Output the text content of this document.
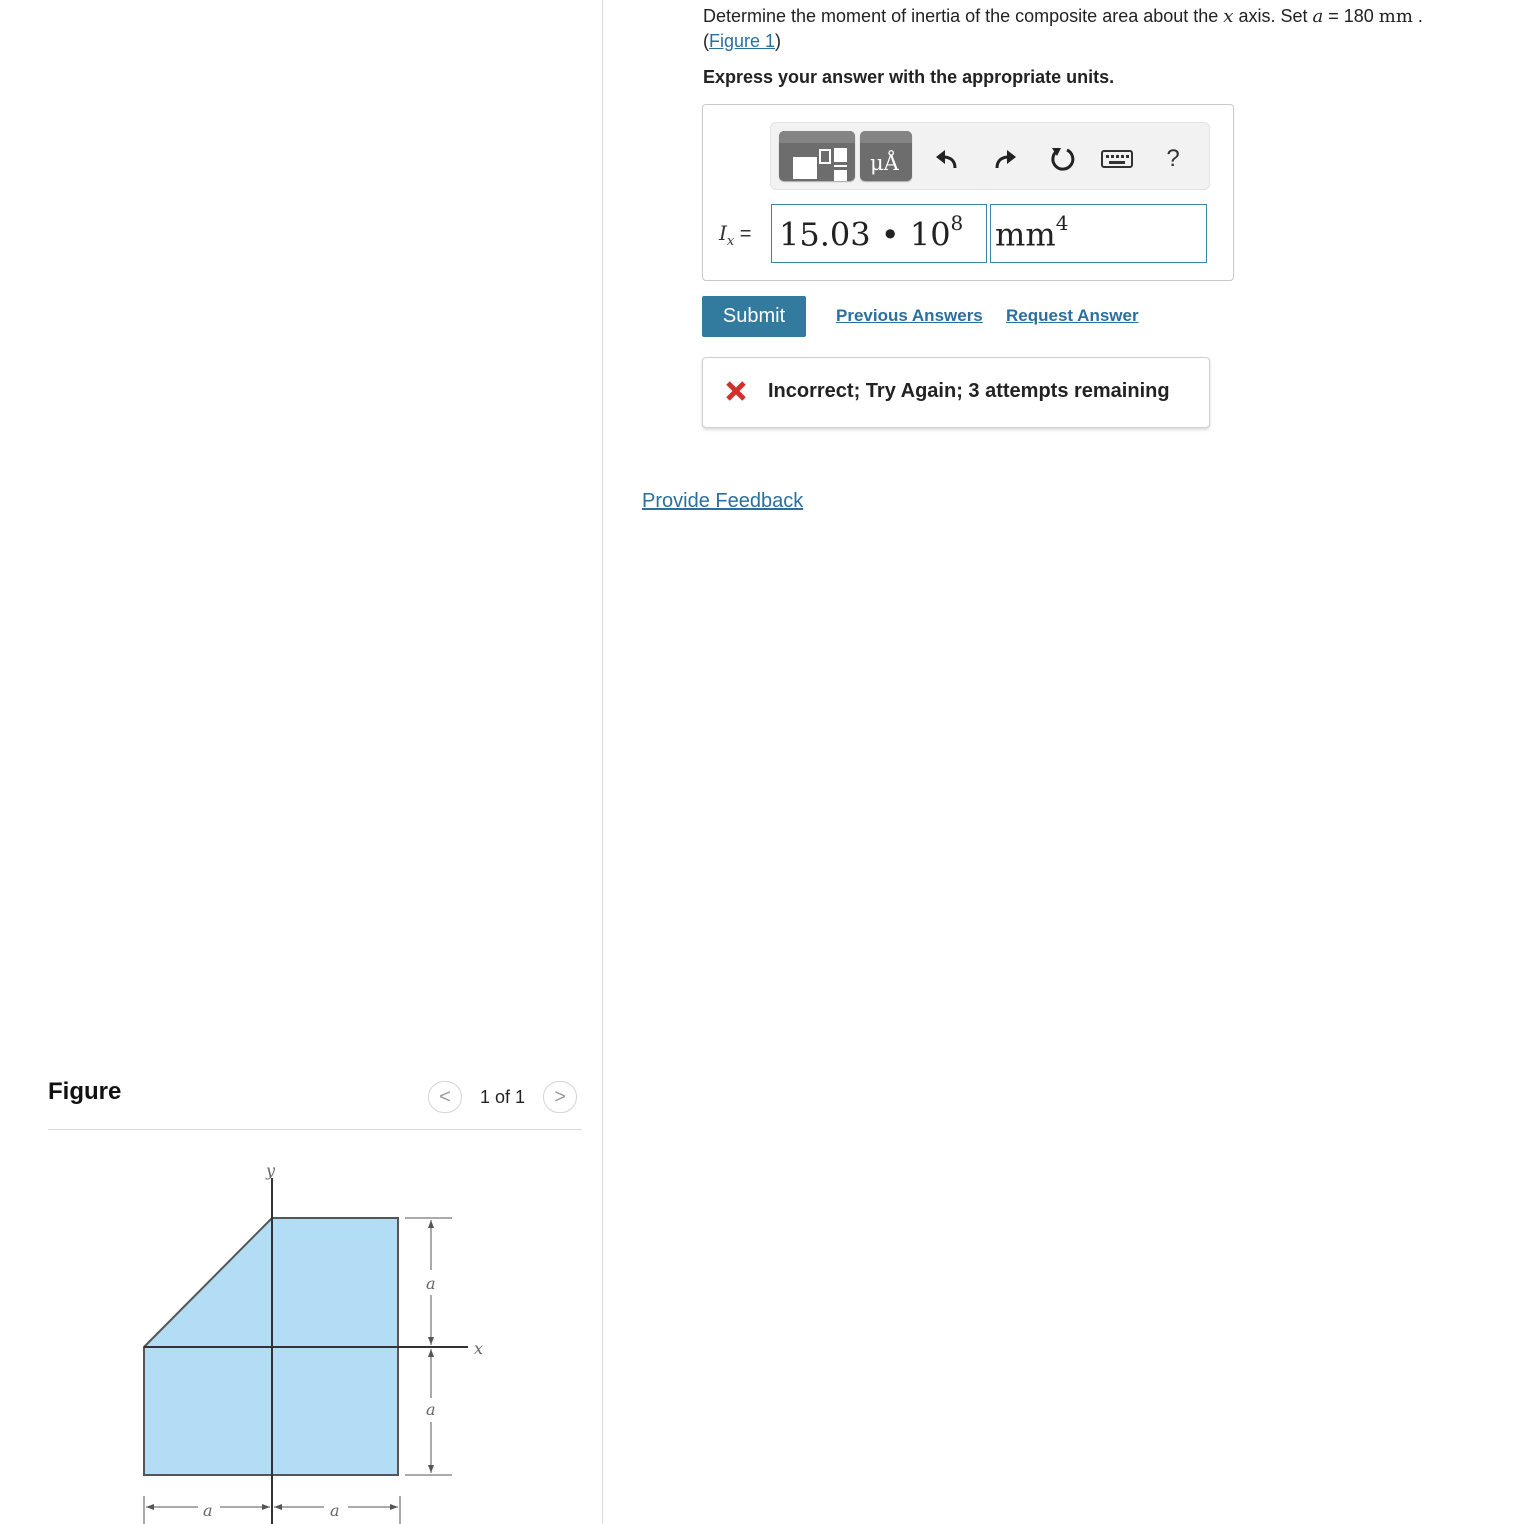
Determine the moment of inertia of the composite area about the x axis. Set a = 180 mm .
(Figure 1)
Express your answer with the appropriate units.
μÅ	?
$I_x = 15.03$ • $10^8$ $mm^4$
Submit	Previous Answers Request Answer
Incorrect; Try Again; 3 attempts remaining
Provide Feedback
Figure	< 1 of 1 >
y
x
a
a
a	a
